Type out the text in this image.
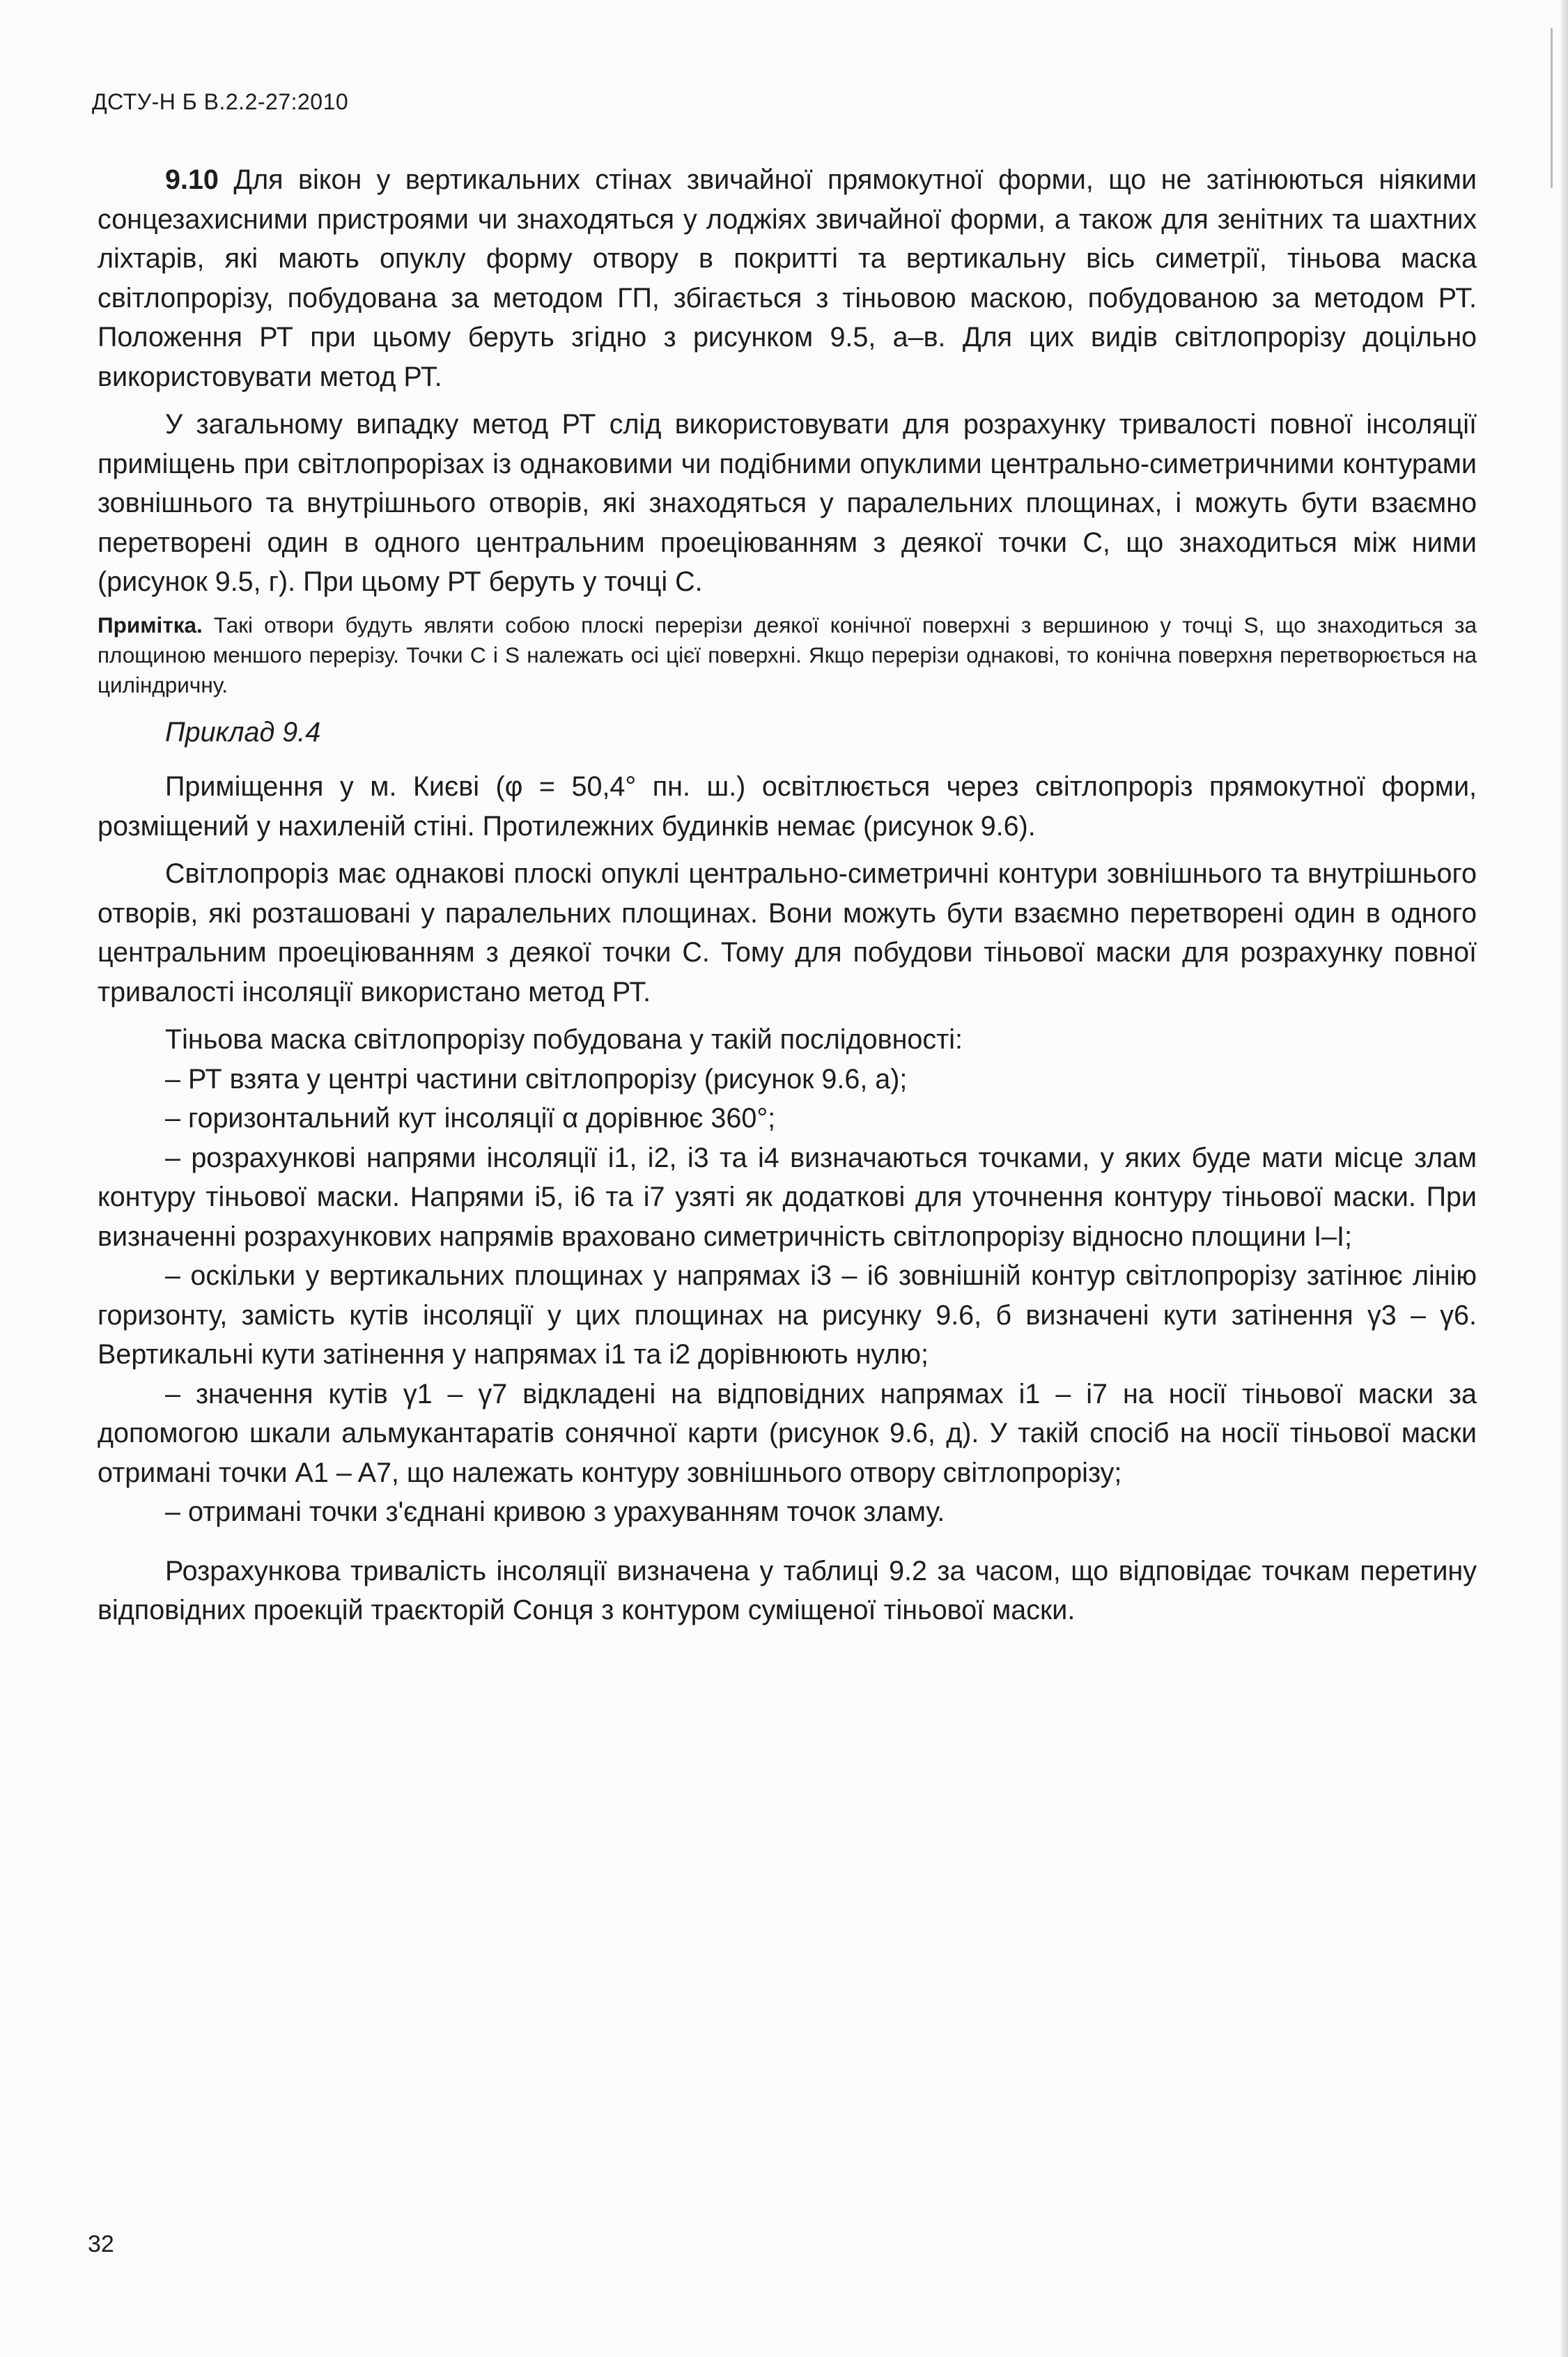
ДСТУ-Н Б В.2.2-27:2010

9.10 Для вікон у вертикальних стінах звичайної прямокутної форми, що не затінюються ніякими сонцезахисними пристроями чи знаходяться у лоджіях звичайної форми, а також для зенітних та шахтних ліхтарів, які мають опуклу форму отвору в покритті та вертикальну вісь симетрії, тіньова маска світлопрорізу, побудована за методом ГП, збігається з тіньовою маскою, побудованою за методом РТ. Положення РТ при цьому беруть згідно з рисунком 9.5, а–в. Для цих видів світлопрорізу доцільно використовувати метод РТ.

У загальному випадку метод РТ слід використовувати для розрахунку тривалості повної інсоляції приміщень при світлопрорізах із однаковими чи подібними опуклими центрально-симетричними контурами зовнішнього та внутрішнього отворів, які знаходяться у паралельних площинах, і можуть бути взаємно перетворені один в одного центральним проеціюванням з деякої точки C, що знаходиться між ними (рисунок 9.5, г). При цьому РТ беруть у точці C.

Примітка. Такі отвори будуть являти собою плоскі перерізи деякої конічної поверхні з вершиною у точці S, що знаходиться за площиною меншого перерізу. Точки C і S належать осі цієї поверхні. Якщо перерізи однакові, то конічна поверхня перетворюється на циліндричну.

Приклад 9.4

Приміщення у м. Києві (φ = 50,4° пн. ш.) освітлюється через світлопроріз прямокутної форми, розміщений у нахиленій стіні. Протилежних будинків немає (рисунок 9.6).

Світлопроріз має однакові плоскі опуклі центрально-симетричні контури зовнішнього та внутрішнього отворів, які розташовані у паралельних площинах. Вони можуть бути взаємно перетворені один в одного центральним проеціюванням з деякої точки C. Тому для побудови тіньової маски для розрахунку повної тривалості інсоляції використано метод РТ.

Тіньова маска світлопрорізу побудована у такій послідовності:

– РТ взята у центрі частини світлопрорізу (рисунок 9.6, а);

– горизонтальний кут інсоляції α дорівнює 360°;

– розрахункові напрями інсоляції i1, i2, i3 та i4 визначаються точками, у яких буде мати місце злам контуру тіньової маски. Напрями i5, i6 та i7 узяті як додаткові для уточнення контуру тіньової маски. При визначенні розрахункових напрямів враховано симетричність світлопрорізу відносно площини I–I;

– оскільки у вертикальних площинах у напрямах i3 – i6 зовнішній контур світлопрорізу затінює лінію горизонту, замість кутів інсоляції у цих площинах на рисунку 9.6, б визначені кути затінення γ3 – γ6. Вертикальні кути затінення у напрямах i1 та i2 дорівнюють нулю;

– значення кутів γ1 – γ7 відкладені на відповідних напрямах i1 – i7 на носії тіньової маски за допомогою шкали альмукантаратів сонячної карти (рисунок 9.6, д). У такій спосіб на носії тіньової маски отримані точки A1 – A7, що належать контуру зовнішнього отвору світлопрорізу;

– отримані точки з'єднані кривою з урахуванням точок зламу.

Розрахункова тривалість інсоляції визначена у таблиці 9.2 за часом, що відповідає точкам перетину відповідних проекцій траєкторій Сонця з контуром суміщеної тіньової маски.

32
